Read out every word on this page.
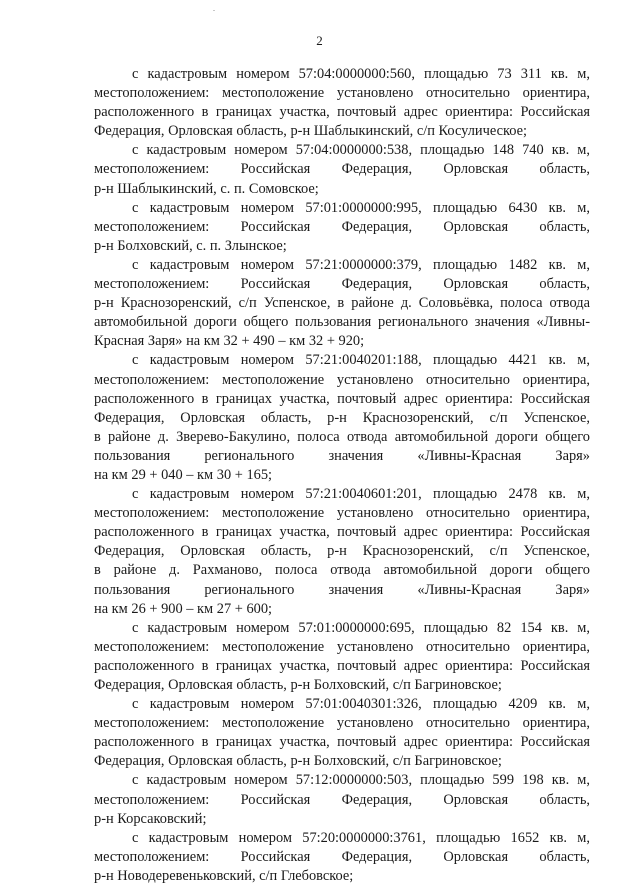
2
с кадастровым номером 57:04:0000000:560, площадью 73 311 кв. м,
местоположением: местоположение установлено относительно ориентира,
расположенного в границах участка, почтовый адрес ориентира: Российская
Федерация, Орловская область, р-н Шаблыкинский, с/п Косулическое;
с кадастровым номером 57:04:0000000:538, площадью 148 740 кв. м,
местоположением: Российская Федерация, Орловская область,
р-н Шаблыкинский, с. п. Сомовское;
с кадастровым номером 57:01:0000000:995, площадью 6430 кв. м,
местоположением: Российская Федерация, Орловская область,
р-н Болховский, с. п. Злынское;
с кадастровым номером 57:21:0000000:379, площадью 1482 кв. м,
местоположением: Российская Федерация, Орловская область,
р-н Краснозоренский, с/п Успенское, в районе д. Соловьёвка, полоса отвода
автомобильной дороги общего пользования регионального значения «Ливны-
Красная Заря» на км 32 + 490 – км 32 + 920;
с кадастровым номером 57:21:0040201:188, площадью 4421 кв. м,
местоположением: местоположение установлено относительно ориентира,
расположенного в границах участка, почтовый адрес ориентира: Российская
Федерация, Орловская область, р-н Краснозоренский, с/п Успенское,
в районе д. Зверево-Бакулино, полоса отвода автомобильной дороги общего
пользования регионального значения «Ливны-Красная Заря»
на км 29 + 040 – км 30 + 165;
с кадастровым номером 57:21:0040601:201, площадью 2478 кв. м,
местоположением: местоположение установлено относительно ориентира,
расположенного в границах участка, почтовый адрес ориентира: Российская
Федерация, Орловская область, р-н Краснозоренский, с/п Успенское,
в районе д. Рахманово, полоса отвода автомобильной дороги общего
пользования регионального значения «Ливны-Красная Заря»
на км 26 + 900 – км 27 + 600;
с кадастровым номером 57:01:0000000:695, площадью 82 154 кв. м,
местоположением: местоположение установлено относительно ориентира,
расположенного в границах участка, почтовый адрес ориентира: Российская
Федерация, Орловская область, р-н Болховский, с/п Багриновское;
с кадастровым номером 57:01:0040301:326, площадью 4209 кв. м,
местоположением: местоположение установлено относительно ориентира,
расположенного в границах участка, почтовый адрес ориентира: Российская
Федерация, Орловская область, р-н Болховский, с/п Багриновское;
с кадастровым номером 57:12:0000000:503, площадью 599 198 кв. м,
местоположением: Российская Федерация, Орловская область,
р-н Корсаковский;
с кадастровым номером 57:20:0000000:3761, площадью 1652 кв. м,
местоположением: Российская Федерация, Орловская область,
р-н Новодеревеньковский, с/п Глебовское;
